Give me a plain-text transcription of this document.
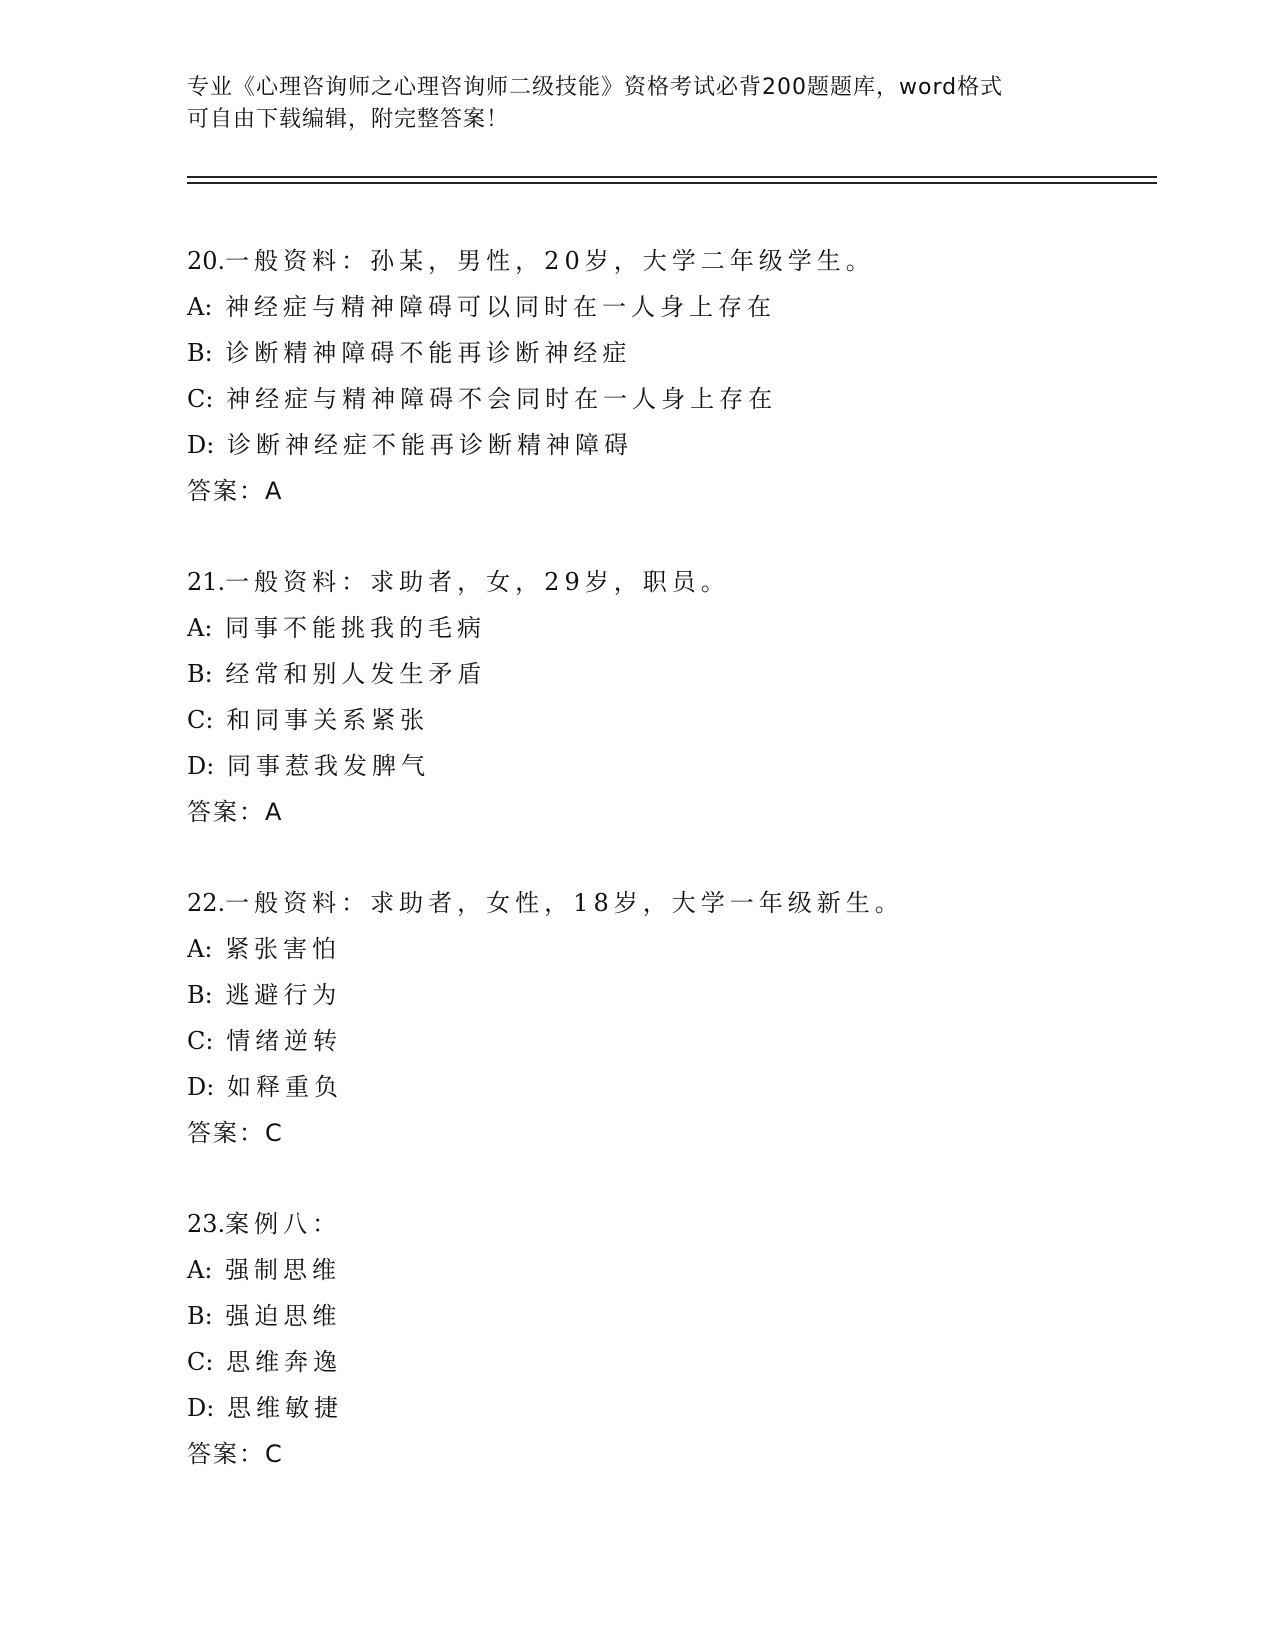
专业《心理咨询师之心理咨询师二级技能》资格考试必背200题题库，word格式
可自由下载编辑，附完整答案！
20.一般资料：孙某，男性，20岁，大学二年级学生。
A: 神经症与精神障碍可以同时在一人身上存在
B: 诊断精神障碍不能再诊断神经症
C: 神经症与精神障碍不会同时在一人身上存在
D: 诊断神经症不能再诊断精神障碍
答案：A
21.一般资料：求助者，女，29岁，职员。
A: 同事不能挑我的毛病
B: 经常和别人发生矛盾
C: 和同事关系紧张
D: 同事惹我发脾气
答案：A
22.一般资料：求助者，女性，18岁，大学一年级新生。
A: 紧张害怕
B: 逃避行为
C: 情绪逆转
D: 如释重负
答案：C
23.案例八：
A: 强制思维
B: 强迫思维
C: 思维奔逸
D: 思维敏捷
答案：C
